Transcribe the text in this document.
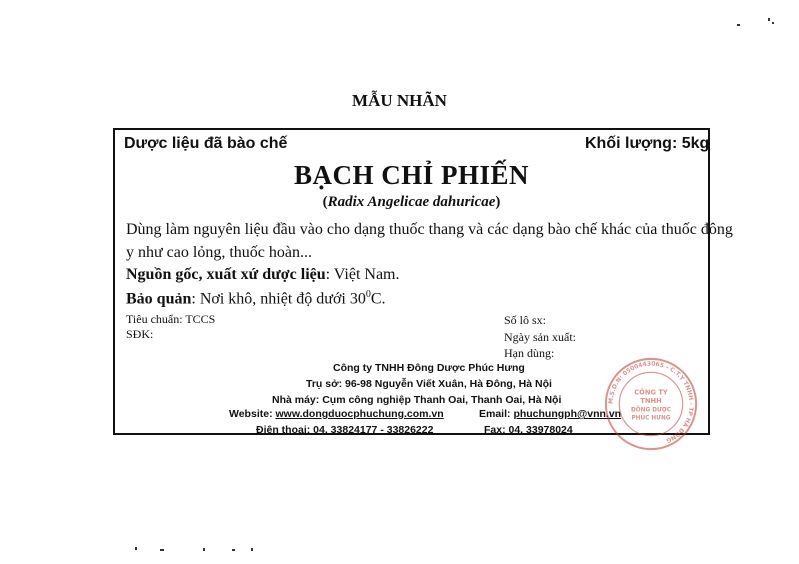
MẪU NHÃN
Dược liệu đã bào chế	Khối lượng: 5kg
BẠCH CHỈ PHIẾN
(Radix Angelicae dahuricae)
Dùng làm nguyên liệu đầu vào cho dạng thuốc thang và các dạng bào chế khác của thuốc đông
y như cao lỏng, thuốc hoàn...
Nguồn gốc, xuất xứ dược liệu: Việt Nam.
Bảo quản: Nơi khô, nhiệt độ dưới $30^0C$.
Tiêu chuẩn: TCCS
SĐK:
Số lô sx:
Ngày sản xuất:
Hạn dùng:
Công ty TNHH Đông Dược Phúc Hưng
Trụ sở: 96-98 Nguyễn Viết Xuân, Hà Đông, Hà Nội
Nhà máy: Cụm công nghiệp Thanh Oai, Thanh Oai, Hà Nội
Website: www.dongduocphuchung.com.vn	Email: phuchungph@vnn.vn
Điện thoại: 04. 33824177 - 33826222	Fax: 04. 33978024
M.S.D.N: 0500443065 - C.T.Y TNHH - TP HÀ ĐÔNG
CÔNG TY
TNHH
ĐÔNG DƯỢC
PHÚC HƯNG
